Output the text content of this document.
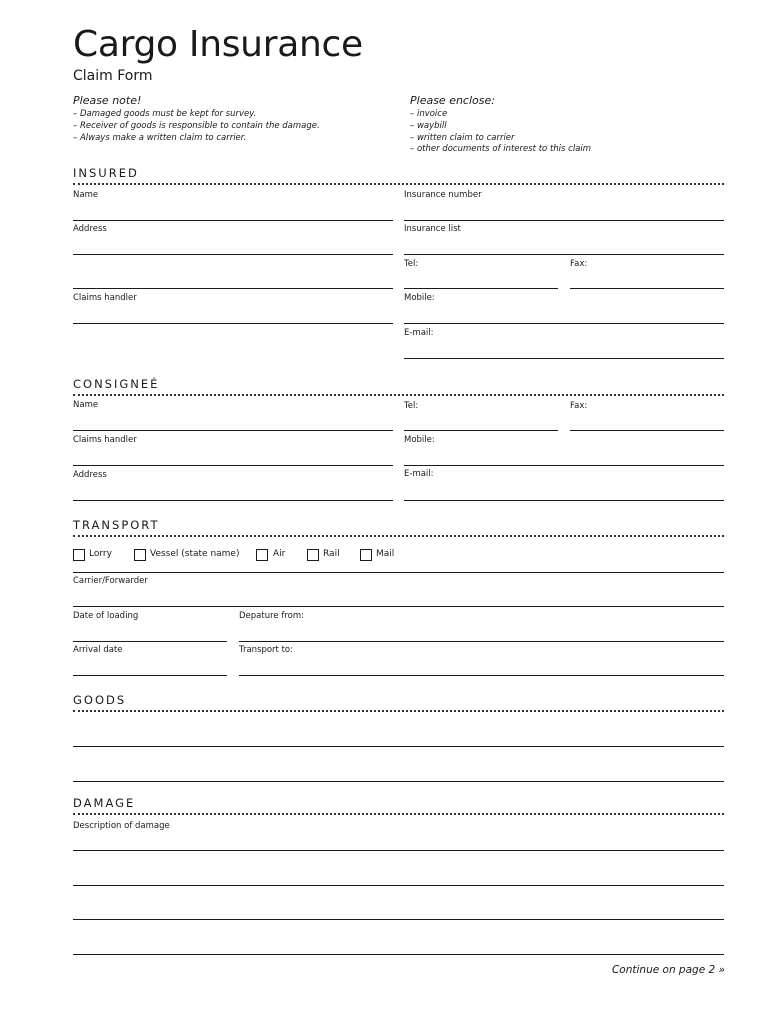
Cargo Insurance
Claim Form
Please note!
– Damaged goods must be kept for survey.
– Receiver of goods is responsible to contain the damage.
– Always make a written claim to carrier.
Please enclose:
– invoice
– waybill
– written claim to carrier
– other documents of interest to this claim
INSURED
Name	Insurance number
Address	Insurance list
Tel:	Fax:
Claims handler	Mobile:
E-mail:
CONSIGNEÉ
Name	Tel:	Fax:
Claims handler	Mobile:
Address	E-mail:
TRANSPORT
Lorry	Vessel (state name)	Air	Rail	Mail
Carrier/Forwarder
Date of loading	Depature from:
Arrival date	Transport to:
GOODS
DAMAGE
Description of damage
Continue on page 2 »
